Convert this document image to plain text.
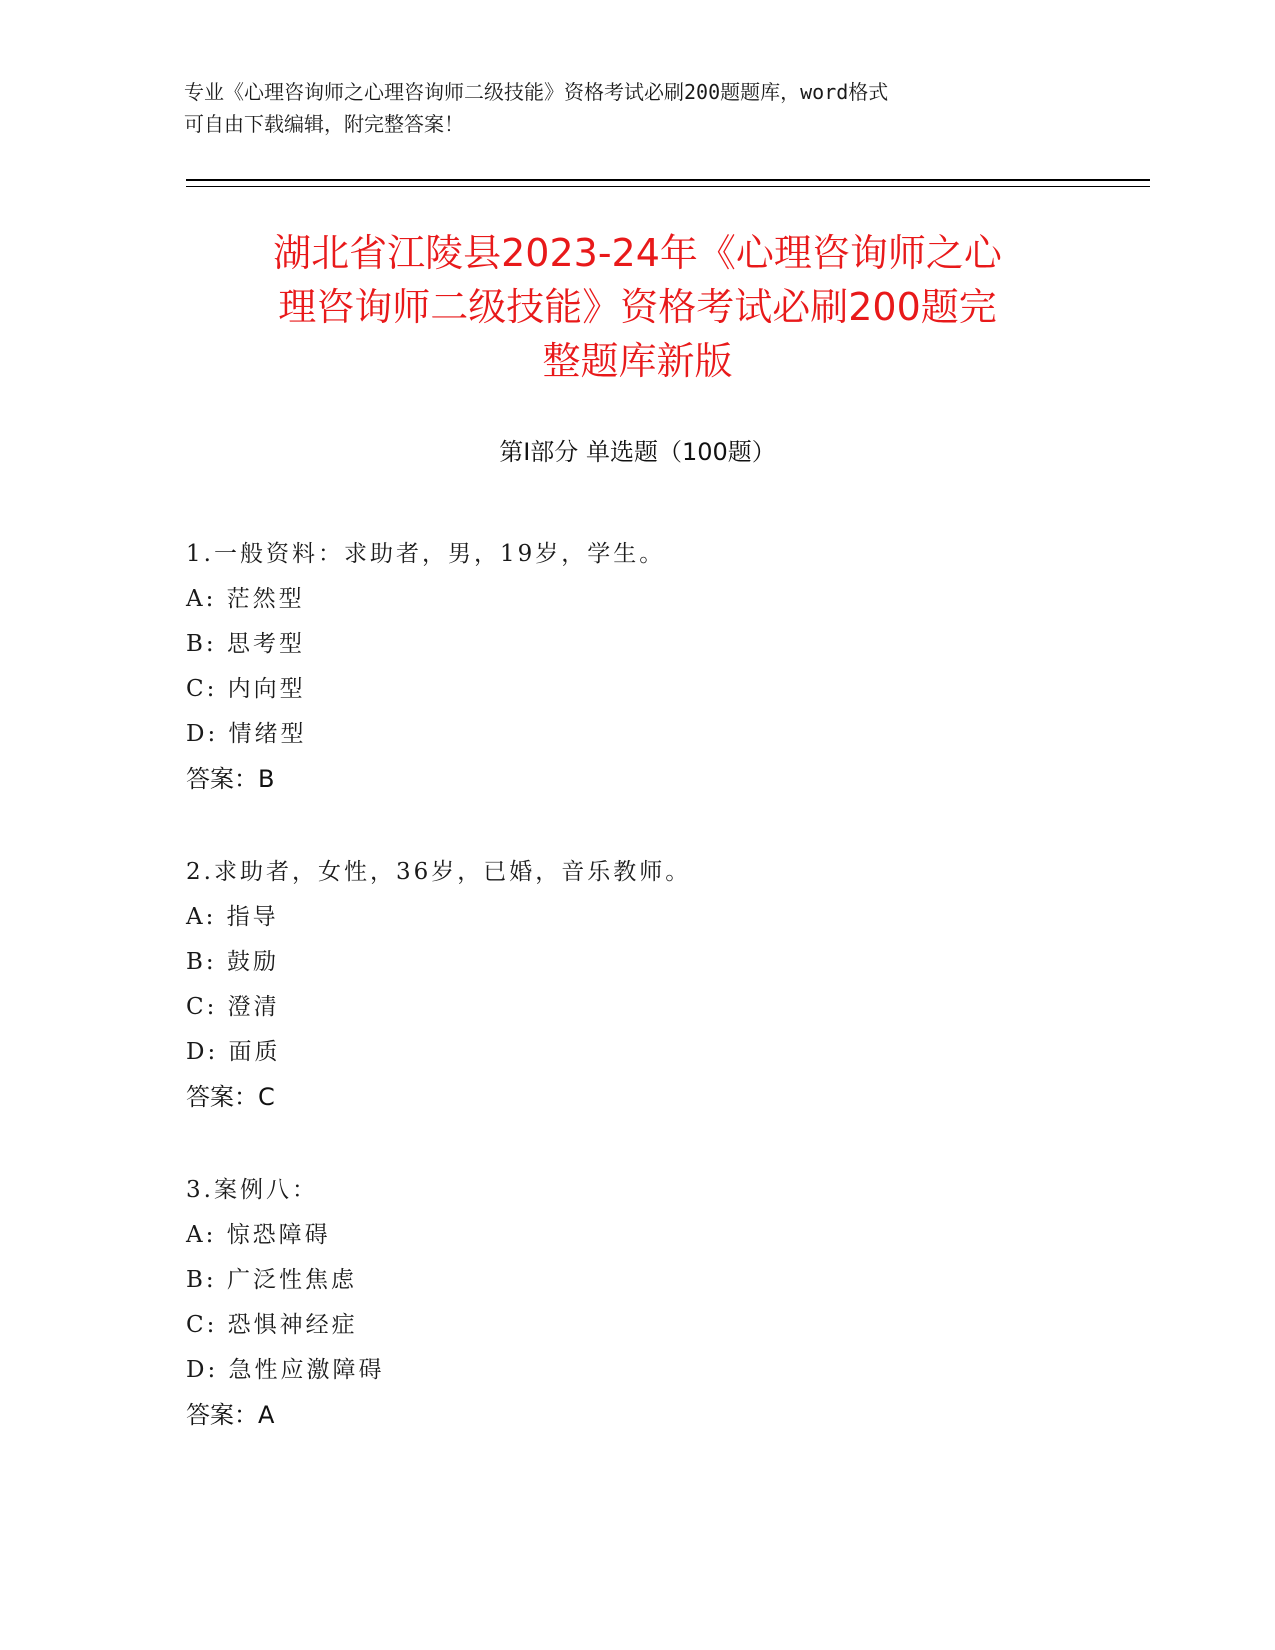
专业《心理咨询师之心理咨询师二级技能》资格考试必刷200题题库，word格式
可自由下载编辑，附完整答案！
湖北省江陵县2023-24年《心理咨询师之心
理咨询师二级技能》资格考试必刷200题完
整题库新版
第Ⅰ部分 单选题（100题）
1.一般资料：求助者，男，19岁，学生。
A: 茫然型
B: 思考型
C: 内向型
D: 情绪型
答案：B
2.求助者，女性，36岁，已婚，音乐教师。
A: 指导
B: 鼓励
C: 澄清
D: 面质
答案：C
3.案例八：
A: 惊恐障碍
B: 广泛性焦虑
C: 恐惧神经症
D: 急性应激障碍
答案：A
